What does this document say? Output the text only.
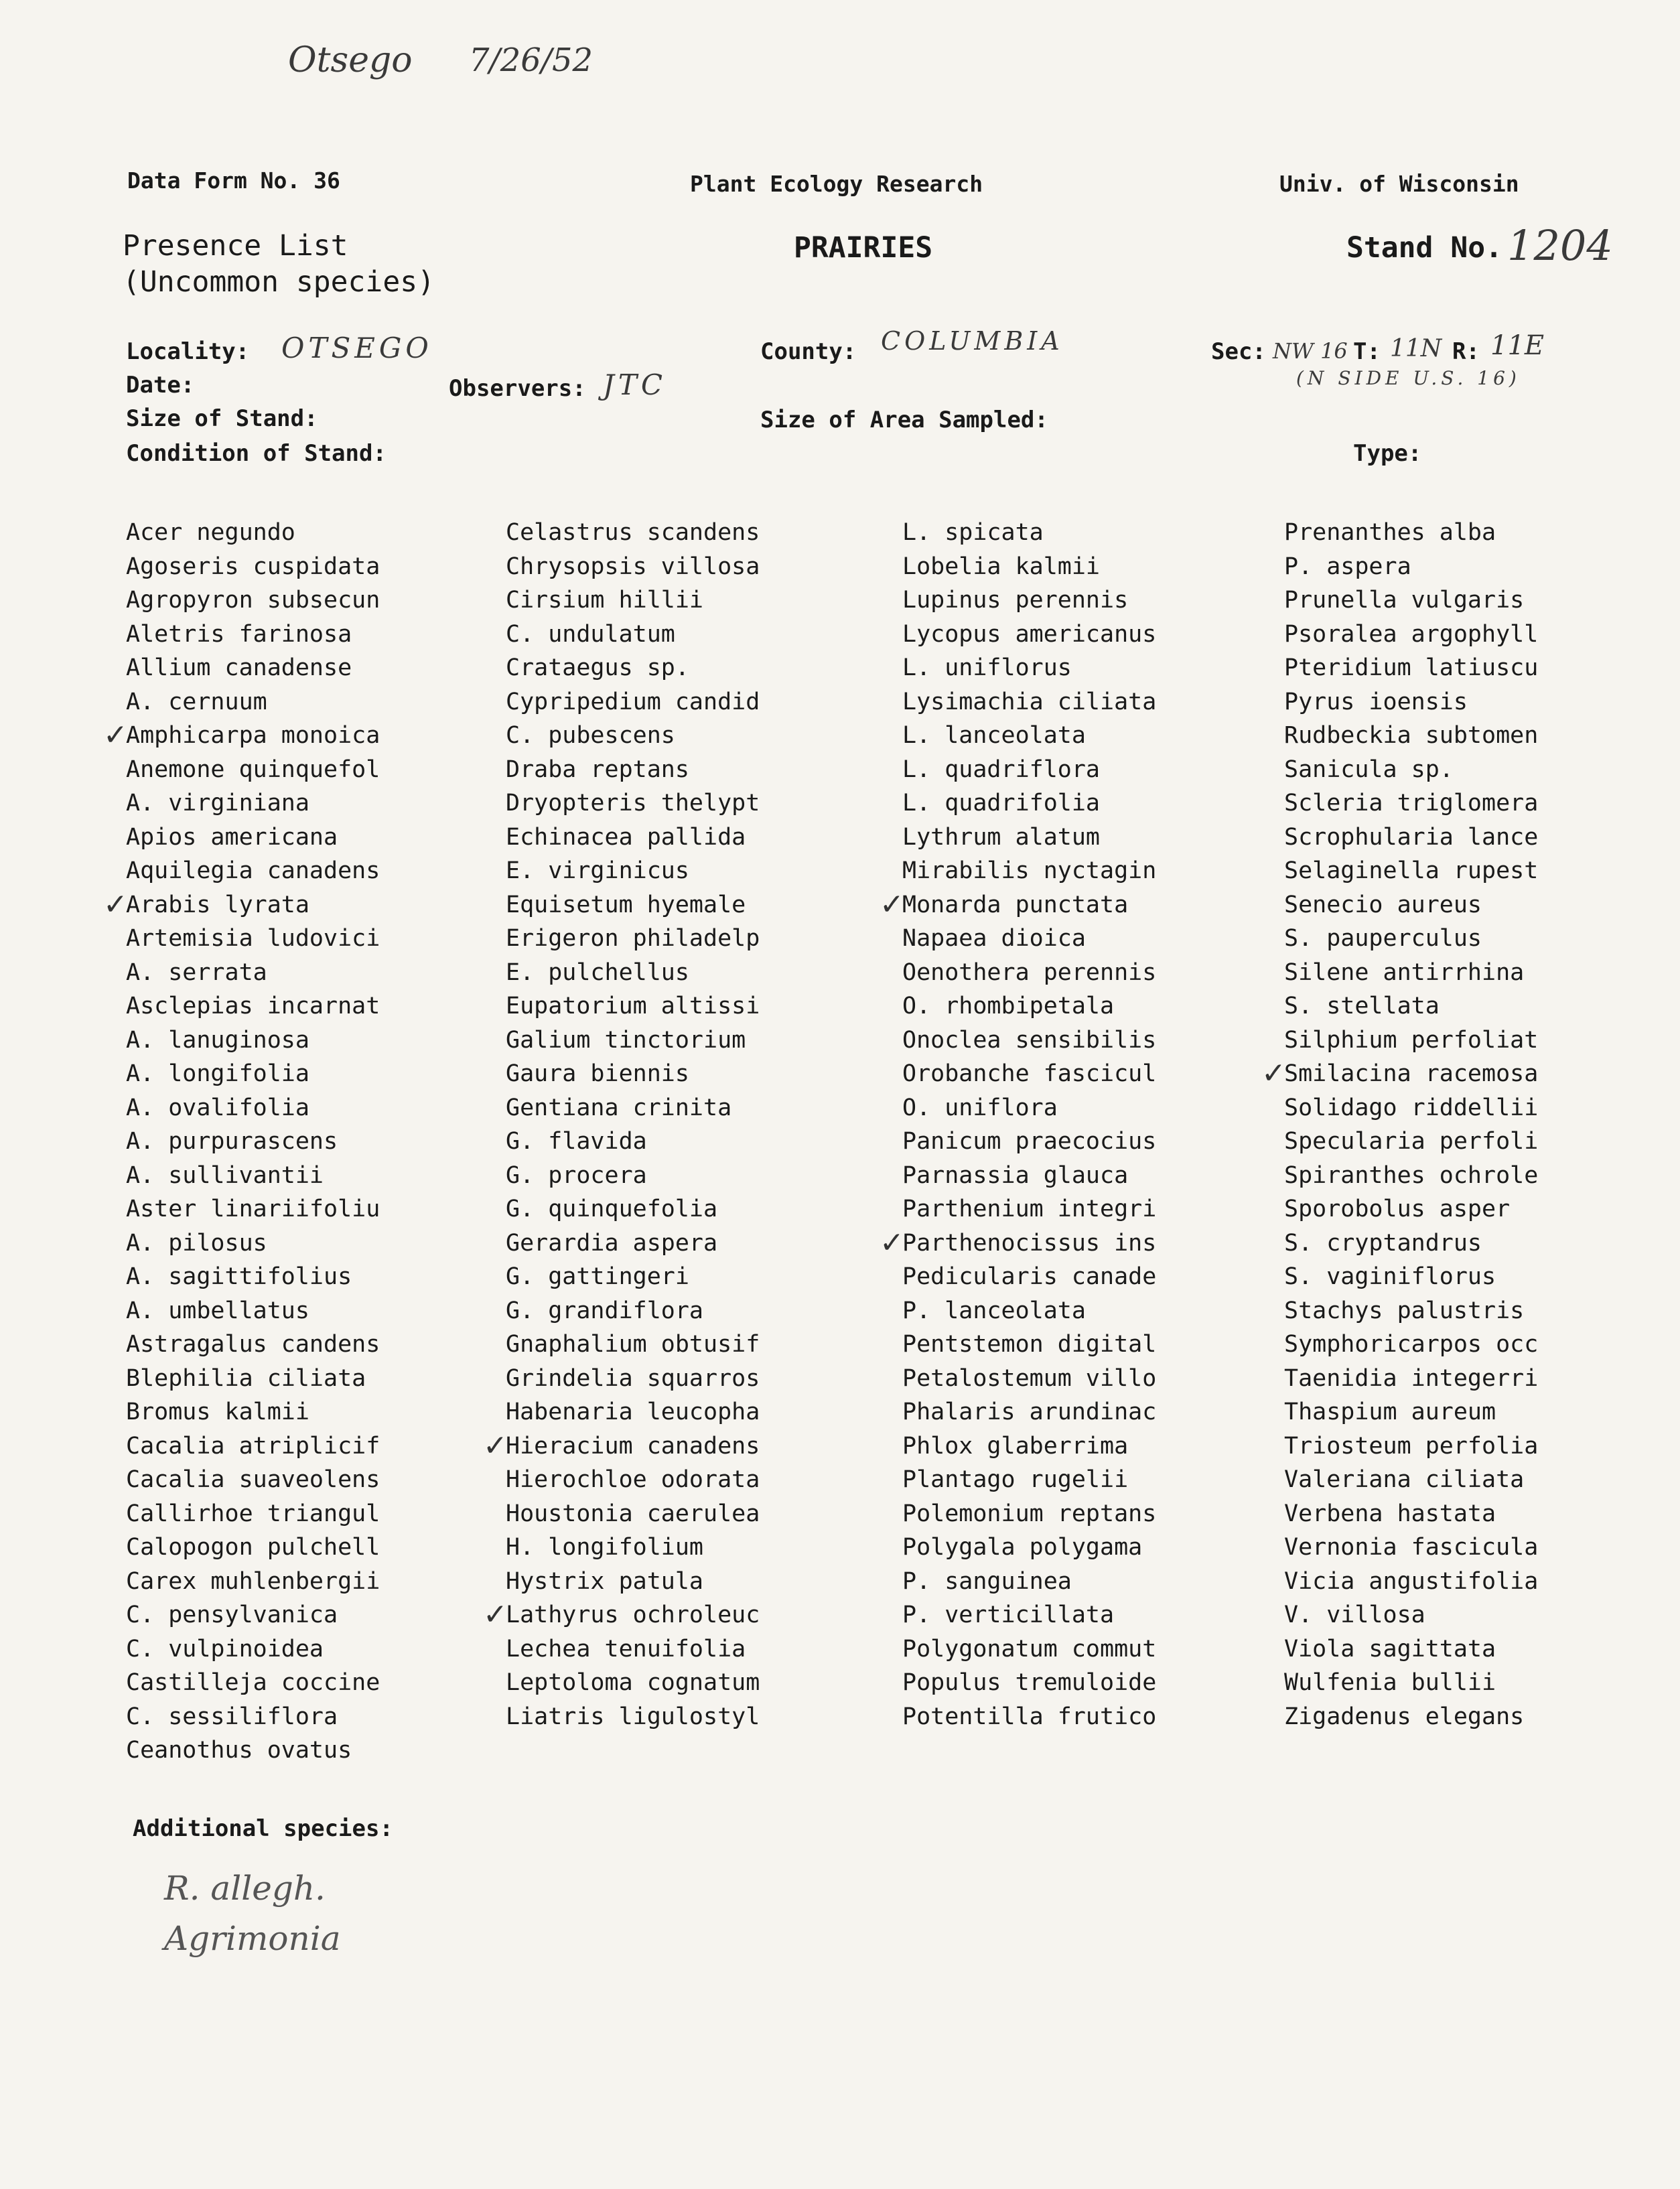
Otsego 7/26/52
Data Form No. 36	Plant Ecology Research	Univ. of Wisconsin
Presence List
(Uncommon species)
PRAIRIES	Stand No. 1204
Locality: OTSEGO	County: COLUMBIA	Sec: NW 16 T: 11N R: 11E
(N SIDE U.S. 16)
Date:	Observers: JTC
Size of Stand:	Size of Area Sampled:
Condition of Stand:	Type:
Acer negundo
Agoseris cuspidata
Agropyron subsecun
Aletris farinosa
Allium canadense
A. cernuum
✓
Amphicarpa monoica
Anemone quinquefol
A. virginiana
Apios americana
Aquilegia canadens
✓
Arabis lyrata
Artemisia ludovici
A. serrata
Asclepias incarnat
A. lanuginosa
A. longifolia
A. ovalifolia
A. purpurascens
A. sullivantii
Aster linariifoliu
A. pilosus
A. sagittifolius
A. umbellatus
Astragalus candens
Blephilia ciliata
Bromus kalmii
Cacalia atriplicif
Cacalia suaveolens
Callirhoe triangul
Calopogon pulchell
Carex muhlenbergii
C. pensylvanica
C. vulpinoidea
Castilleja coccine
C. sessiliflora
Ceanothus ovatus
Celastrus scandens
Chrysopsis villosa
Cirsium hillii
C. undulatum
Crataegus sp.
Cypripedium candid
C. pubescens
Draba reptans
Dryopteris thelypt
Echinacea pallida
E. virginicus
Equisetum hyemale
Erigeron philadelp
E. pulchellus
Eupatorium altissi
Galium tinctorium
Gaura biennis
Gentiana crinita
G. flavida
G. procera
G. quinquefolia
Gerardia aspera
G. gattingeri
G. grandiflora
Gnaphalium obtusif
Grindelia squarros
Habenaria leucopha
✓
Hieracium canadens
Hierochloe odorata
Houstonia caerulea
H. longifolium
Hystrix patula
✓
Lathyrus ochroleuc
Lechea tenuifolia
Leptoloma cognatum
Liatris ligulostyl
L. spicata
Lobelia kalmii
Lupinus perennis
Lycopus americanus
L. uniflorus
Lysimachia ciliata
L. lanceolata
L. quadriflora
L. quadrifolia
Lythrum alatum
Mirabilis nyctagin
✓
Monarda punctata
Napaea dioica
Oenothera perennis
O. rhombipetala
Onoclea sensibilis
Orobanche fascicul
O. uniflora
Panicum praecocius
Parnassia glauca
Parthenium integri
✓
Parthenocissus ins
Pedicularis canade
P. lanceolata
Pentstemon digital
Petalostemum villo
Phalaris arundinac
Phlox glaberrima
Plantago rugelii
Polemonium reptans
Polygala polygama
P. sanguinea
P. verticillata
Polygonatum commut
Populus tremuloide
Potentilla frutico
Prenanthes alba
P. aspera
Prunella vulgaris
Psoralea argophyll
Pteridium latiuscu
Pyrus ioensis
Rudbeckia subtomen
Sanicula sp.
Scleria triglomera
Scrophularia lance
Selaginella rupest
Senecio aureus
S. pauperculus
Silene antirrhina
S. stellata
Silphium perfoliat
✓
Smilacina racemosa
Solidago riddellii
Specularia perfoli
Spiranthes ochrole
Sporobolus asper
S. cryptandrus
S. vaginiflorus
Stachys palustris
Symphoricarpos occ
Taenidia integerri
Thaspium aureum
Triosteum perfolia
Valeriana ciliata
Verbena hastata
Vernonia fascicula
Vicia angustifolia
V. villosa
Viola sagittata
Wulfenia bullii
Zigadenus elegans
Additional species:
R. allegh.
Agrimonia
